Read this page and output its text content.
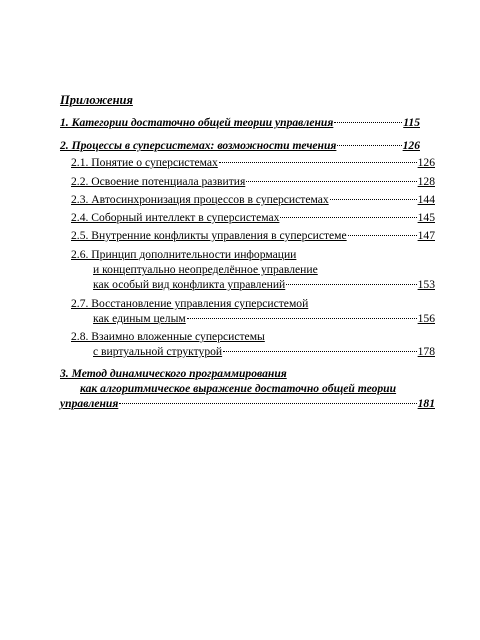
Приложения
1. Категории достаточно общей теории управления	115
2. Процессы в суперсистемах: возможности течения	126
2.1. Понятие о суперсистемах	126
2.2. Освоение потенциала развития	128
2.3. Автосинхронизация процессов в суперсистемах	144
2.4. Соборный интеллект в суперсистемах	145
2.5. Внутренние конфликты управления в суперсистеме	147
2.6. Принцип дополнительности информации
и концептуально неопределённое управление
как особый вид конфликта управлений	153
2.7. Восстановление управления суперсистемой
как единым целым	156
2.8. Взаимно вложенные суперсистемы
с виртуальной структурой	178
3. Метод динамического программирования
как алгоритмическое выражение достаточно общей теории
управления	181
